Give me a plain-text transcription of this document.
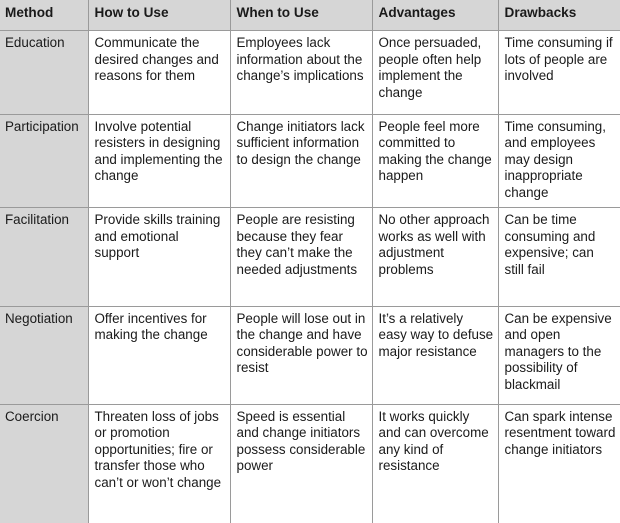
Method	How to Use	When to Use	Advantages	Drawbacks
Education	Communicate the desired changes and reasons for them	Employees lack information about the change’s implications	Once persuaded, people often help implement the change	Time consuming if lots of people are involved
Participation	Involve potential resisters in designing and implementing the change	Change initiators lack sufficient information to design the change	People feel more committed to making the change happen	Time consuming, and employees may design inappropriate change
Facilitation	Provide skills training and emotional support	People are resisting because they fear they can’t make the needed adjustments	No other approach works as well with adjustment problems	Can be time consuming and expensive; can still fail
Negotiation	Offer incentives for making the change	People will lose out in the change and have considerable power to resist	It’s a relatively easy way to defuse major resistance	Can be expensive and open managers to the possibility of blackmail
Coercion	Threaten loss of jobs or promotion opportunities; fire or transfer those who can’t or won’t change	Speed is essential and change initiators possess considerable power	It works quickly and can overcome any kind of resistance	Can spark intense resentment toward change initiators
